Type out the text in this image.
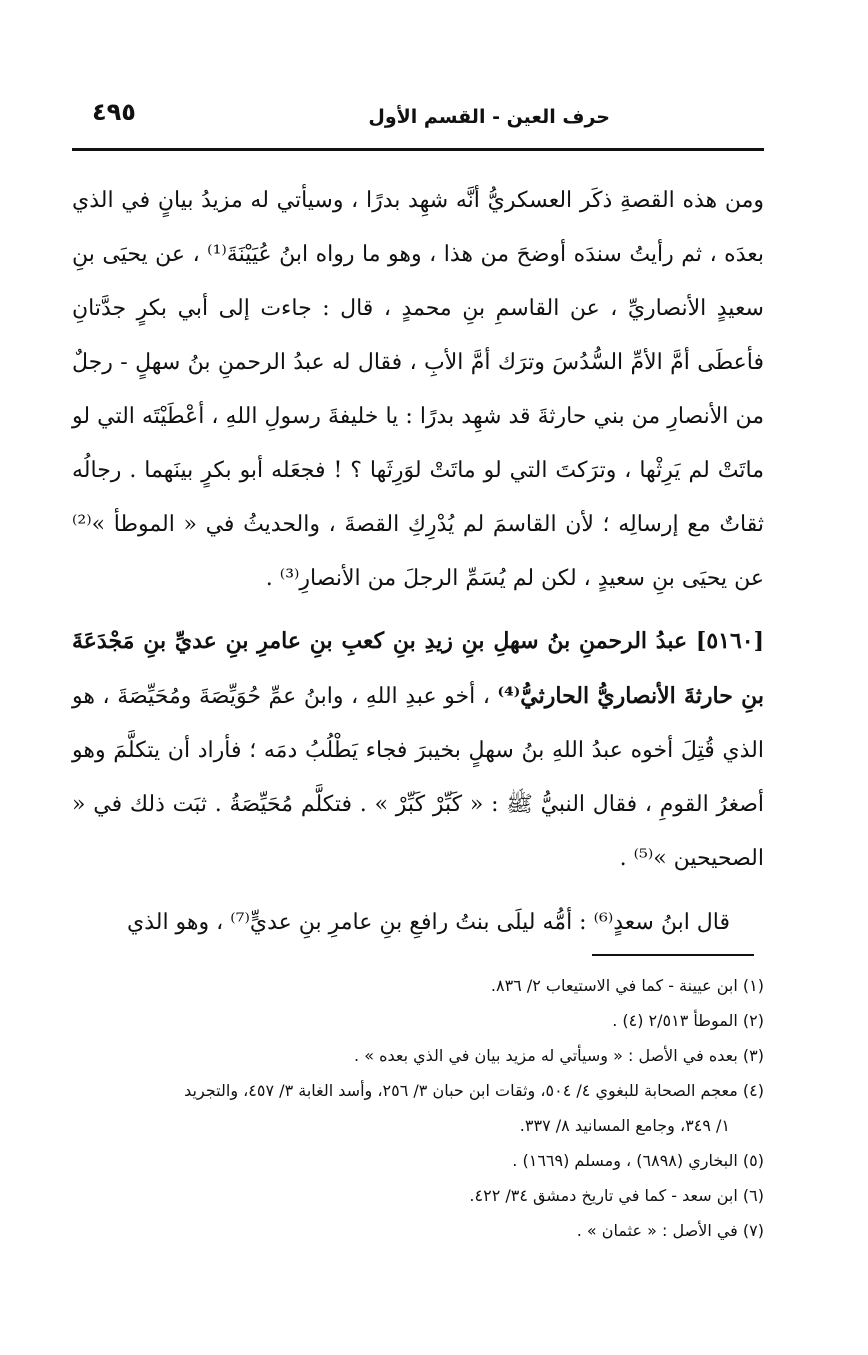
٤٩٥	حرف العين - القسم الأول

ومن هذه القصةِ ذكَر العسكريُّ أنَّه شهِد بدرًا ، وسيأتي له مزيدُ بيانٍ في الذي بعدَه ، ثم رأيتُ سندَه أوضحَ من هذا ، وهو ما رواه ابنُ عُيَيْنَةَ⁽¹⁾ ، عن يحيَى بنِ سعيدٍ الأنصاريِّ ، عن القاسمِ بنِ محمدٍ ، قال : جاءت إلى أبي بكرٍ جدَّتانِ فأعطَى أمَّ الأمِّ السُّدُسَ وترَك أمَّ الأبِ ، فقال له عبدُ الرحمنِ بنُ سهلٍ - رجلٌ من الأنصارِ من بني حارثةَ قد شهِد بدرًا : يا خليفةَ رسولِ اللهِ ، أعْطَيْتَه التي لو ماتَتْ لم يَرِثْها ، وترَكتَ التي لو ماتَتْ لوَرِثَها ؟ ! فجعَله أبو بكرٍ بينَهما . رجالُه ثقاتٌ مع إرسالِه ؛ لأن القاسمَ لم يُدْرِكِ القصةَ ، والحديثُ في « الموطأ »⁽²⁾ عن يحيَى بنِ سعيدٍ ، لكن لم يُسَمِّ الرجلَ من الأنصارِ⁽³⁾ .

[٥١٦٠] عبدُ الرحمنِ بنُ سهلِ بنِ زيدِ بنِ كعبِ بنِ عامرِ بنِ عديِّ بنِ مَجْدَعَةَ بنِ حارثةَ الأنصاريُّ الحارثيُّ⁽⁴⁾ ، أخو عبدِ اللهِ ، وابنُ عمِّ حُوَيِّصَةَ ومُحَيِّصَةَ ، هو الذي قُتِلَ أخوه عبدُ اللهِ بنُ سهلٍ بخيبرَ فجاء يَطْلُبُ دمَه ؛ فأراد أن يتكلَّمَ وهو أصغرُ القومِ ، فقال النبيُّ ﷺ : « كَبِّرْ كَبِّرْ » . فتكلَّم مُحَيِّصَةُ . ثبَت ذلك في « الصحيحين »⁽⁵⁾ .

قال ابنُ سعدٍ⁽⁶⁾ : أمُّه ليلَى بنتُ رافعِ بنِ عامرِ بنِ عديٍّ⁽⁷⁾ ، وهو الذي

(١) ابن عيينة - كما في الاستيعاب ٢/ ٨٣٦.

(٢) الموطأ ٢/٥١٣ (٤) .

(٣) بعده في الأصل : « وسيأتي له مزيد بيان في الذي بعده » .

(٤) معجم الصحابة للبغوي ٤/ ٥٠٤، وثقات ابن حبان ٣/ ٢٥٦، وأسد الغابة ٣/ ٤٥٧، والتجريد

١/ ٣٤٩، وجامع المسانيد ٨/ ٣٣٧.

(٥) البخاري (٦٨٩٨) ، ومسلم (١٦٦٩) .

(٦) ابن سعد - كما في تاريخ دمشق ٣٤/ ٤٢٢.

(٧) في الأصل : « عثمان » .
